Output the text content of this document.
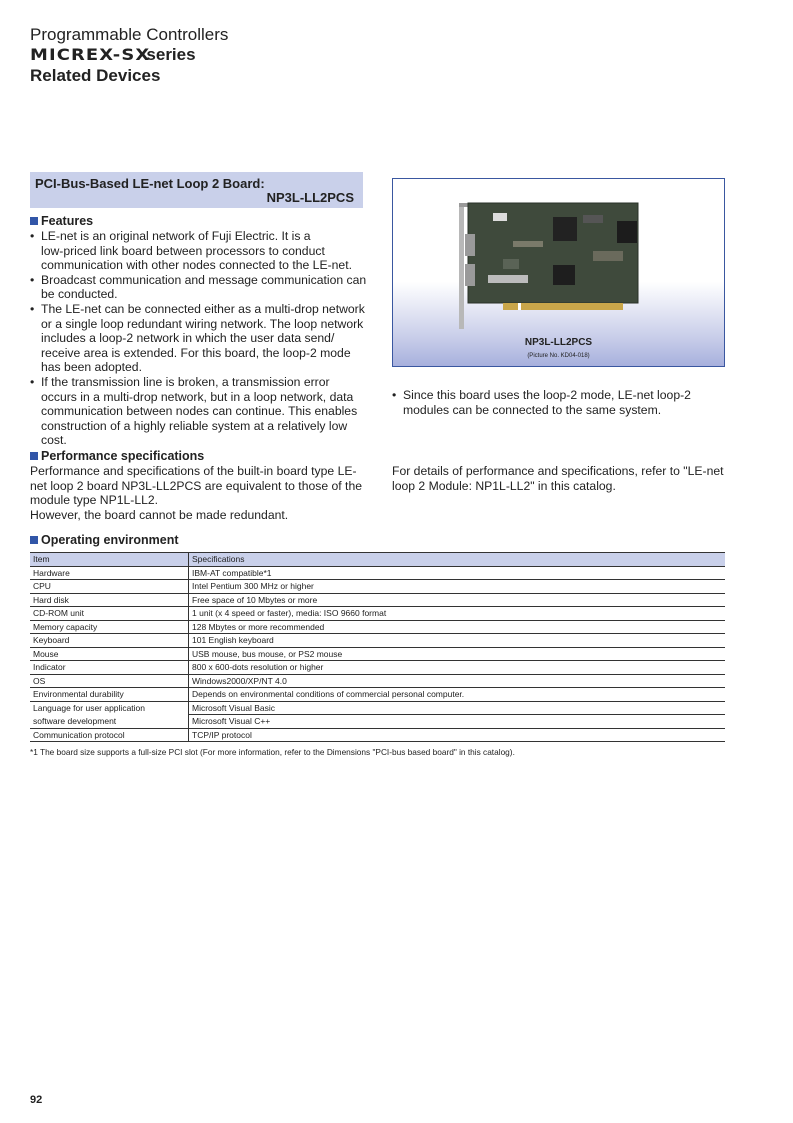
Programmable Controllers
MICREX-SXseries
Related Devices
PCI-Bus-Based LE-net Loop 2 Board:
NP3L-LL2PCS
Features
• LE-net is an original network of Fuji Electric. It is a
low-priced link board between processors to conduct
communication with other nodes connected to the LE-net.
• Broadcast communication and message communication can
be conducted.
• The LE-net can be connected either as a multi-drop network
or a single loop redundant wiring network. The loop network
includes a loop-2 network in which the user data send/
receive area is extended. For this board, the loop-2 mode
has been adopted.
• If the transmission line is broken, a transmission error
occurs in a multi-drop network, but in a loop network, data
communication between nodes can continue. This enables
construction of a highly reliable system at a relatively low cost.
NP3L-LL2PCS
(Picture No. KD04-018)
• Since this board uses the loop-2 mode, LE-net loop-2
modules can be connected to the same system.
Performance specifications
Performance and specifications of the built-in board type LE-
net loop 2 board NP3L-LL2PCS are equivalent to those of the
module type NP1L-LL2.
However, the board cannot be made redundant.
For details of performance and specifications, refer to "LE-net
loop 2 Module: NP1L-LL2" in this catalog.
Operating environment
Item	Specifications
Hardware	IBM-AT compatible*1
CPU	Intel Pentium 300 MHz or higher
Hard disk	Free space of 10 Mbytes or more
CD-ROM unit	1 unit (x 4 speed or faster), media: ISO 9660 format
Memory capacity	128 Mbytes or more recommended
Keyboard	101 English keyboard
Mouse	USB mouse, bus mouse, or PS2 mouse
Indicator	800 x 600-dots resolution or higher
OS	Windows2000/XP/NT 4.0
Environmental durability	Depends on environmental conditions of commercial personal computer.
Language for user application	Microsoft Visual Basic
software development	Microsoft Visual C++
Communication protocol	TCP/IP protocol
*1 The board size supports a full-size PCI slot (For more information, refer to the Dimensions "PCI-bus based board" in this catalog).
92
